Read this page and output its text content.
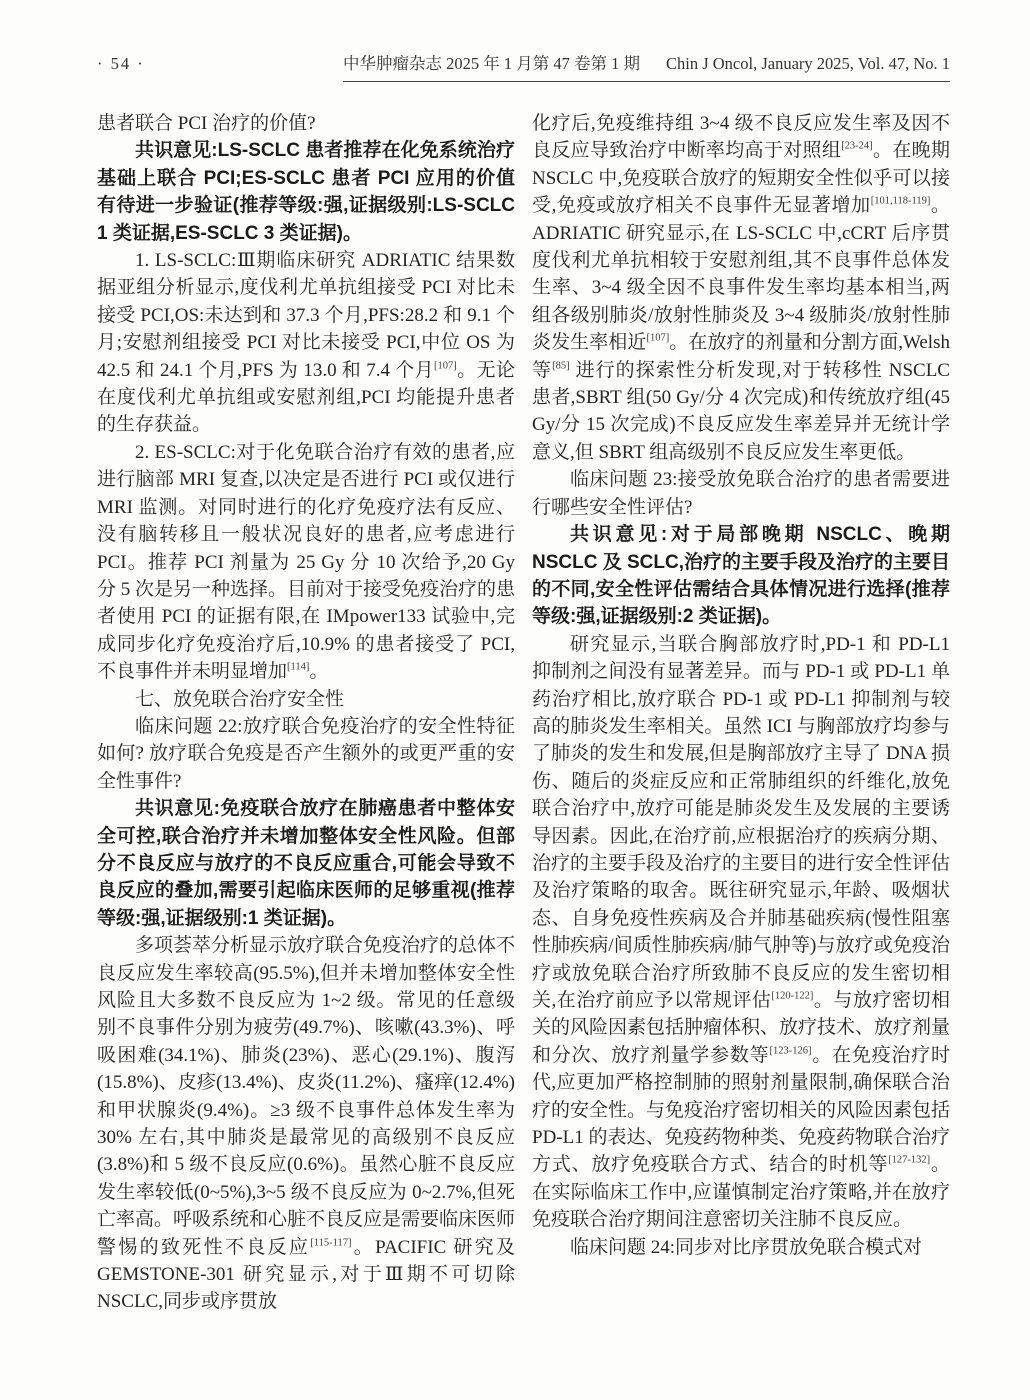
· 54 ·	中华肿瘤杂志 2025 年 1 月第 47 卷第 1 期 Chin J Oncol, January 2025, Vol. 47, No. 1

患者联合 PCI 治疗的价值?

共识意见:LS-SCLC 患者推荐在化免系统治疗基础上联合 PCI;ES-SCLC 患者 PCI 应用的价值有待进一步验证(推荐等级:强,证据级别:LS-SCLC 1 类证据,ES-SCLC 3 类证据)。

1. LS-SCLC:Ⅲ期临床研究 ADRIATIC 结果数据亚组分析显示,度伐利尤单抗组接受 PCI 对比未接受 PCI,OS:未达到和 37.3 个月,PFS:28.2 和 9.1 个月;安慰剂组接受 PCI 对比未接受 PCI,中位 OS 为 42.5 和 24.1 个月,PFS 为 13.0 和 7.4 个月[107]。无论在度伐利尤单抗组或安慰剂组,PCI 均能提升患者的生存获益。

2. ES-SCLC:对于化免联合治疗有效的患者,应进行脑部 MRI 复查,以决定是否进行 PCI 或仅进行 MRI 监测。对同时进行的化疗免疫疗法有反应、没有脑转移且一般状况良好的患者,应考虑进行 PCI。推荐 PCI 剂量为 25 Gy 分 10 次给予,20 Gy 分 5 次是另一种选择。目前对于接受免疫治疗的患者使用 PCI 的证据有限,在 IMpower133 试验中,完成同步化疗免疫治疗后,10.9% 的患者接受了 PCI,不良事件并未明显增加[114]。

七、放免联合治疗安全性

临床问题 22:放疗联合免疫治疗的安全性特征如何? 放疗联合免疫是否产生额外的或更严重的安全性事件?

共识意见:免疫联合放疗在肺癌患者中整体安全可控,联合治疗并未增加整体安全性风险。但部分不良反应与放疗的不良反应重合,可能会导致不良反应的叠加,需要引起临床医师的足够重视(推荐等级:强,证据级别:1 类证据)。

多项荟萃分析显示放疗联合免疫治疗的总体不良反应发生率较高(95.5%),但并未增加整体安全性风险且大多数不良反应为 1~2 级。常见的任意级别不良事件分别为疲劳(49.7%)、咳嗽(43.3%)、呼吸困难(34.1%)、肺炎(23%)、恶心(29.1%)、腹泻(15.8%)、皮疹(13.4%)、皮炎(11.2%)、瘙痒(12.4%)和甲状腺炎(9.4%)。≥3 级不良事件总体发生率为 30% 左右,其中肺炎是最常见的高级别不良反应(3.8%)和 5 级不良反应(0.6%)。虽然心脏不良反应发生率较低(0~5%),3~5 级不良反应为 0~2.7%,但死亡率高。呼吸系统和心脏不良反应是需要临床医师警惕的致死性不良反应[115-117]。PACIFIC 研究及 GEMSTONE-301 研究显示,对于Ⅲ期不可切除 NSCLC,同步或序贯放

化疗后,免疫维持组 3~4 级不良反应发生率及因不良反应导致治疗中断率均高于对照组[23-24]。在晚期 NSCLC 中,免疫联合放疗的短期安全性似乎可以接受,免疫或放疗相关不良事件无显著增加[101,118-119]。ADRIATIC 研究显示,在 LS-SCLC 中,cCRT 后序贯度伐利尤单抗相较于安慰剂组,其不良事件总体发生率、3~4 级全因不良事件发生率均基本相当,两组各级别肺炎/放射性肺炎及 3~4 级肺炎/放射性肺炎发生率相近[107]。在放疗的剂量和分割方面,Welsh 等[85] 进行的探索性分析发现,对于转移性 NSCLC 患者,SBRT 组(50 Gy/分 4 次完成)和传统放疗组(45 Gy/分 15 次完成)不良反应发生率差异并无统计学意义,但 SBRT 组高级别不良反应发生率更低。

临床问题 23:接受放免联合治疗的患者需要进行哪些安全性评估?

共识意见:对于局部晚期 NSCLC、晚期 NSCLC 及 SCLC,治疗的主要手段及治疗的主要目的不同,安全性评估需结合具体情况进行选择(推荐等级:强,证据级别:2 类证据)。

研究显示,当联合胸部放疗时,PD-1 和 PD-L1 抑制剂之间没有显著差异。而与 PD-1 或 PD-L1 单药治疗相比,放疗联合 PD-1 或 PD-L1 抑制剂与较高的肺炎发生率相关。虽然 ICI 与胸部放疗均参与了肺炎的发生和发展,但是胸部放疗主导了 DNA 损伤、随后的炎症反应和正常肺组织的纤维化,放免联合治疗中,放疗可能是肺炎发生及发展的主要诱导因素。因此,在治疗前,应根据治疗的疾病分期、治疗的主要手段及治疗的主要目的进行安全性评估及治疗策略的取舍。既往研究显示,年龄、吸烟状态、自身免疫性疾病及合并肺基础疾病(慢性阻塞性肺疾病/间质性肺疾病/肺气肿等)与放疗或免疫治疗或放免联合治疗所致肺不良反应的发生密切相关,在治疗前应予以常规评估[120-122]。与放疗密切相关的风险因素包括肿瘤体积、放疗技术、放疗剂量和分次、放疗剂量学参数等[123-126]。在免疫治疗时代,应更加严格控制肺的照射剂量限制,确保联合治疗的安全性。与免疫治疗密切相关的风险因素包括 PD-L1 的表达、免疫药物种类、免疫药物联合治疗方式、放疗免疫联合方式、结合的时机等[127-132]。在实际临床工作中,应谨慎制定治疗策略,并在放疗免疫联合治疗期间注意密切关注肺不良反应。

临床问题 24:同步对比序贯放免联合模式对
